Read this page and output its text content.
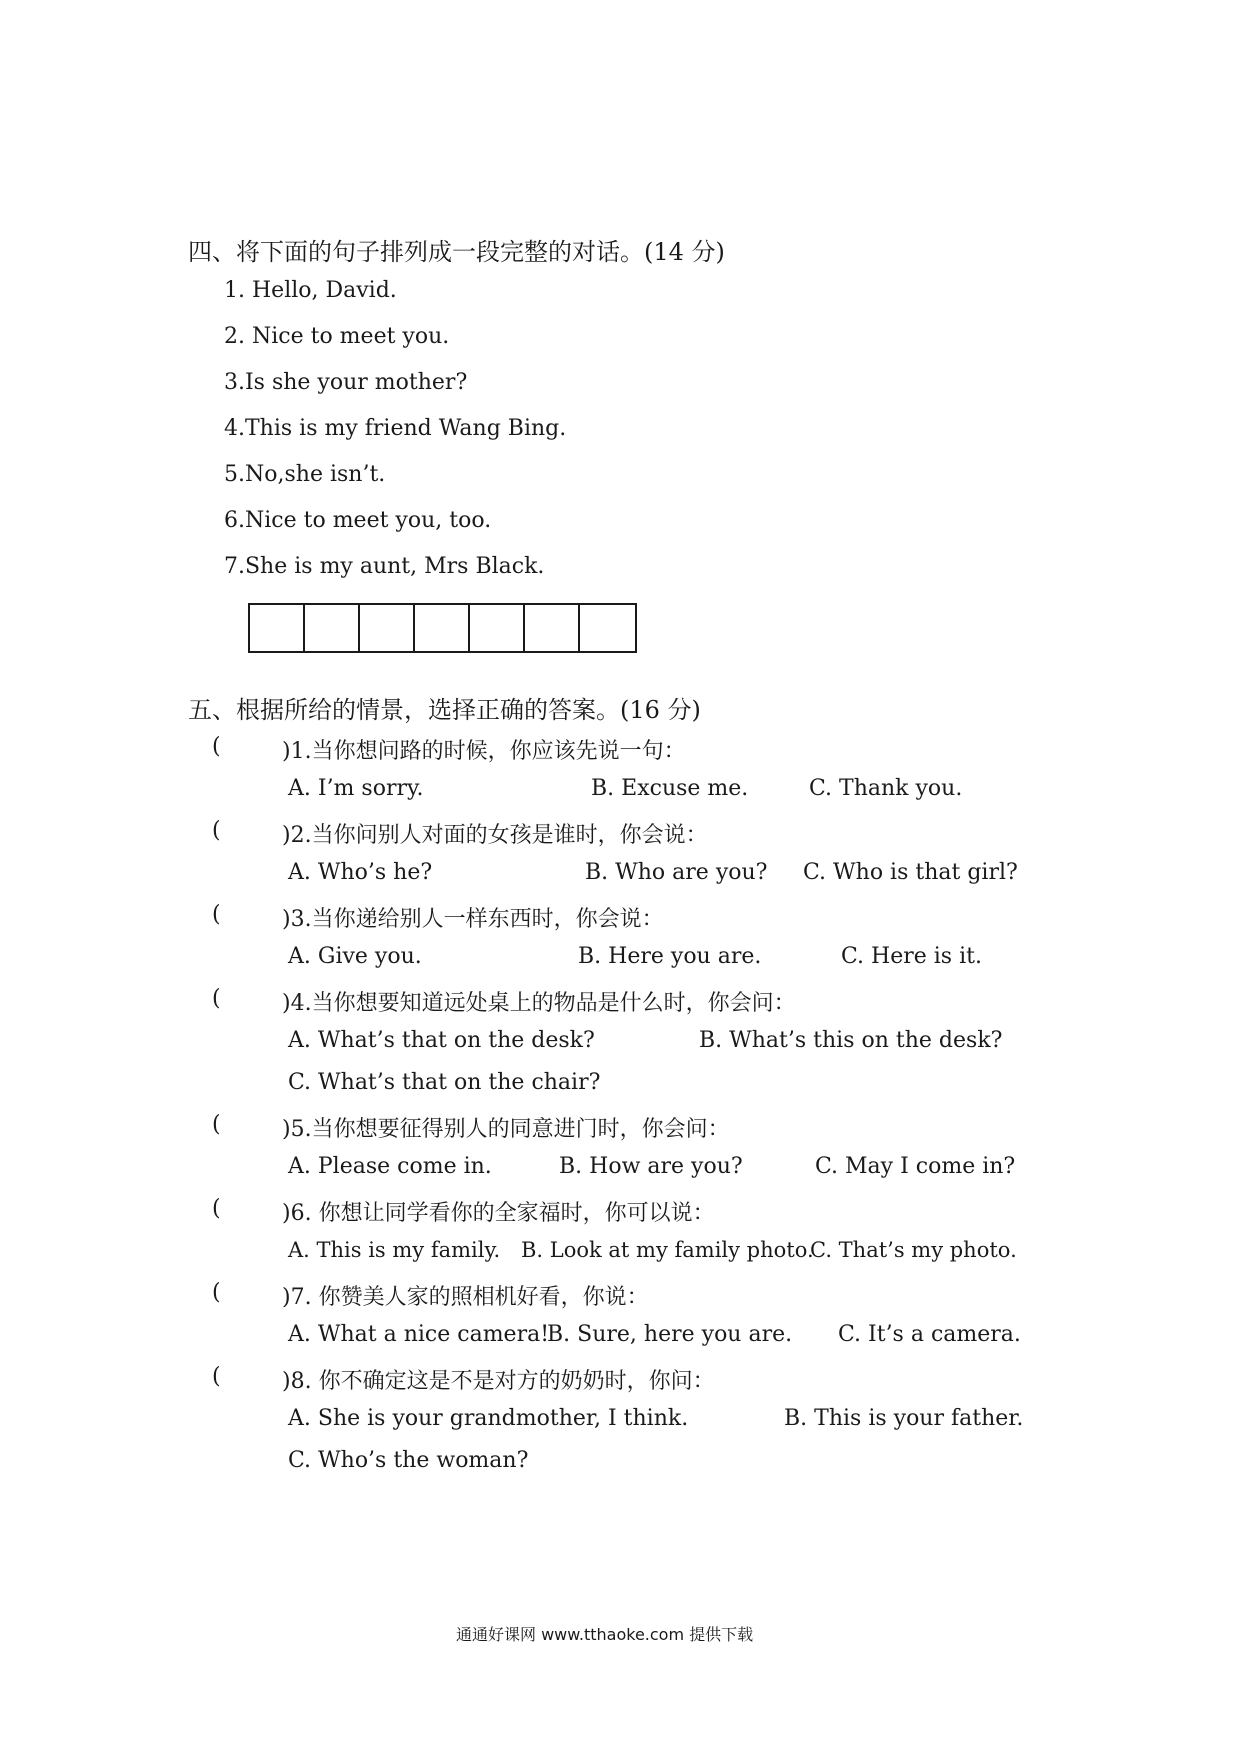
四、将下面的句子排列成一段完整的对话。(14 分)
1. Hello, David.
2. Nice to meet you.
3.Is she your mother?
4.This is my friend Wang Bing.
5.No,she isn’t.
6.Nice to meet you, too.
7.She is my aunt, Mrs Black.
五、根据所给的情景，选择正确的答案。(16 分)
(	)1.当你想问路的时候，你应该先说一句：
A. I’m sorry.	B. Excuse me.	C. Thank you.
(	)2.当你问别人对面的女孩是谁时，你会说：
A. Who’s he?	B. Who are you? C. Who is that girl?
(	)3.当你递给别人一样东西时，你会说：
A. Give you.	B. Here you are.	C. Here is it.
(	)4.当你想要知道远处桌上的物品是什么时，你会问：
A. What’s that on the desk?	B. What’s this on the desk?
C. What’s that on the chair?
(	)5.当你想要征得别人的同意进门时，你会问：
A. Please come in.	B. How are you?	C. May I come in?
(	)6. 你想让同学看你的全家福时，你可以说：
A. This is my family. B. Look at my family photo.
C. That’s my photo.
(	)7. 你赞美人家的照相机好看，你说：
A. What a nice camera!
B. Sure, here you are. C. It’s a camera.
(	)8. 你不确定这是不是对方的奶奶时，你问：
A. She is your grandmother, I think.	B. This is your father.
C. Who’s the woman?
通通好课网 www.tthaoke.com 提供下载
